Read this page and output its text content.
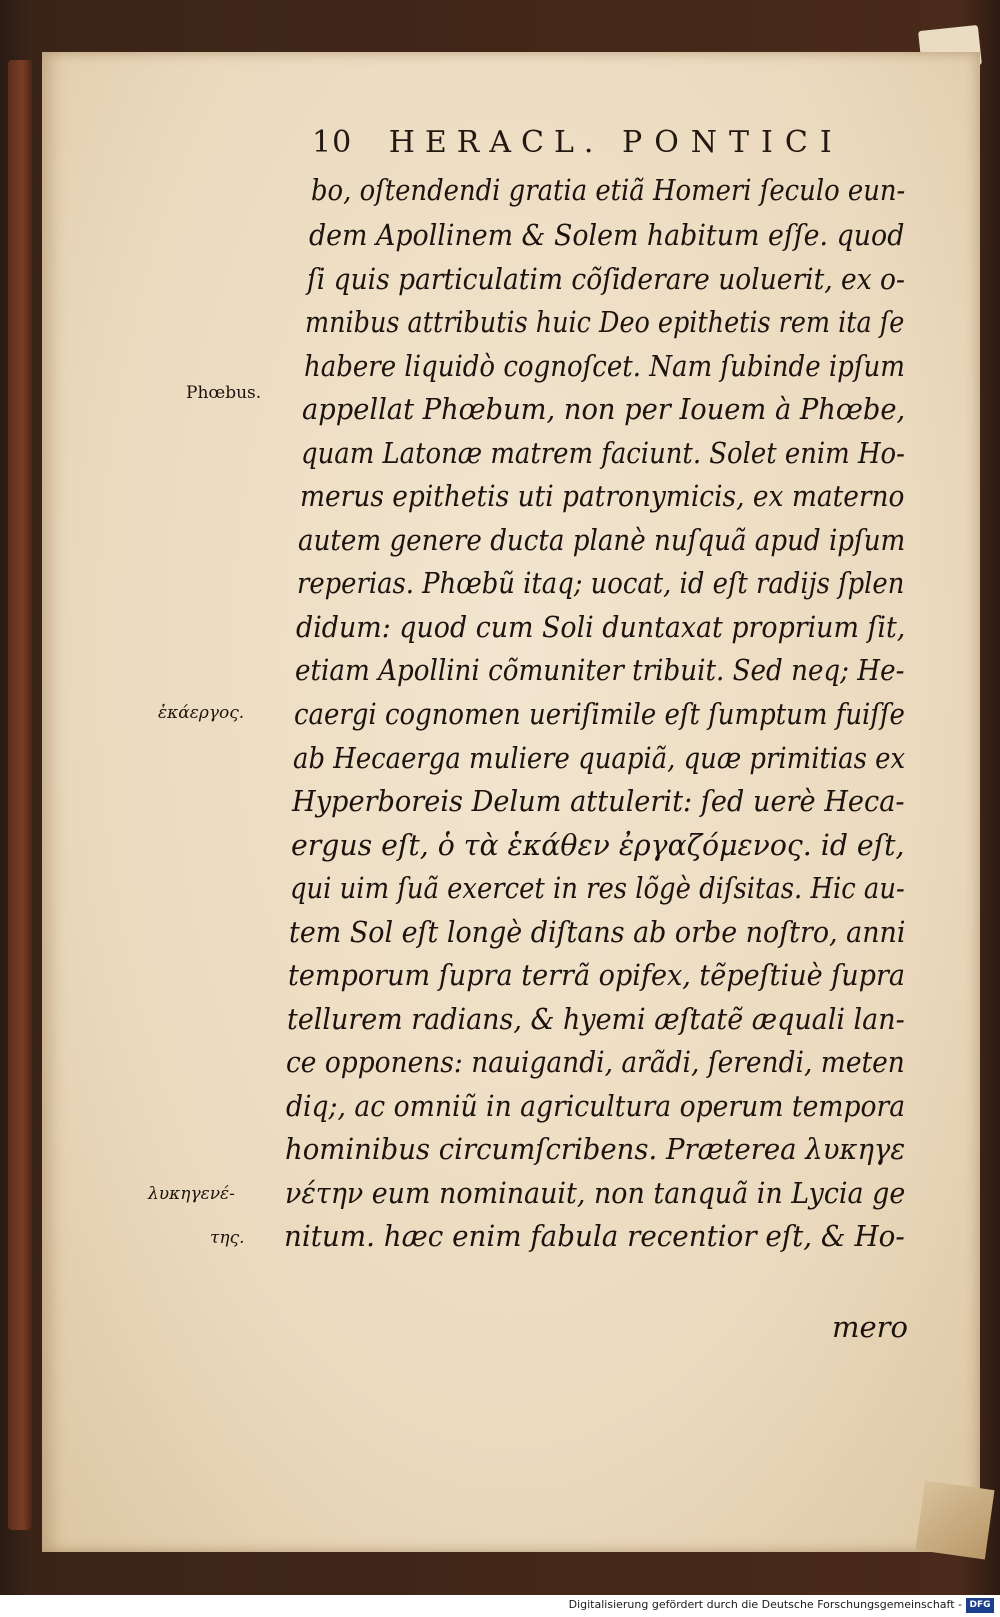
10 HERACL. PONTICI
Phœbus.
ἑκάεργος.
λυκηγενέ-
της.
bo, oſtendendi gratia etiã Homeri ſeculo eun-
dem Apollinem & Solem habitum eſſe. quod
ſi quis particulatim cõſiderare uoluerit, ex o-
mnibus attributis huic Deo epithetis rem ita ſe
habere liquidò cognoſcet. Nam ſubinde ipſum
appellat Phœbum, non per Iouem à Phœbe,
quam Latonæ matrem faciunt. Solet enim Ho-
merus epithetis uti patronymicis, ex materno
autem genere ducta planè nuſquã apud ipſum
reperias. Phœbũ itaq; uocat, id eſt radijs ſplen
didum: quod cum Soli duntaxat proprium ſit,
etiam Apollini cõmuniter tribuit. Sed neq; He-
caergi cognomen ueriſimile eſt ſumptum fuiſſe
ab Hecaerga muliere quapiã, quæ primitias ex
Hyperboreis Delum attulerit: ſed uerè Heca-
ergus eſt, ὁ τὰ ἑκάθεν ἐργαζόμενος. id eſt,
qui uim ſuã exercet in res lõgè diſsitas. Hic au-
tem Sol eſt longè diſtans ab orbe noſtro, anni
temporum ſupra terrã opifex, tẽpeſtiuè ſupra
tellurem radians, & hyemi æſtatẽ æquali lan-
ce opponens: nauigandi, arãdi, ſerendi, meten
diq;, ac omniũ in agricultura operum tempora
hominibus circumſcribens. Præterea λυκηγε
νέτην eum nominauit, non tanquã in Lycia ge
nitum. hæc enim fabula recentior eſt, & Ho-
mero
Digitalisierung gefördert durch die Deutsche Forschungsgemeinschaft - DFG
